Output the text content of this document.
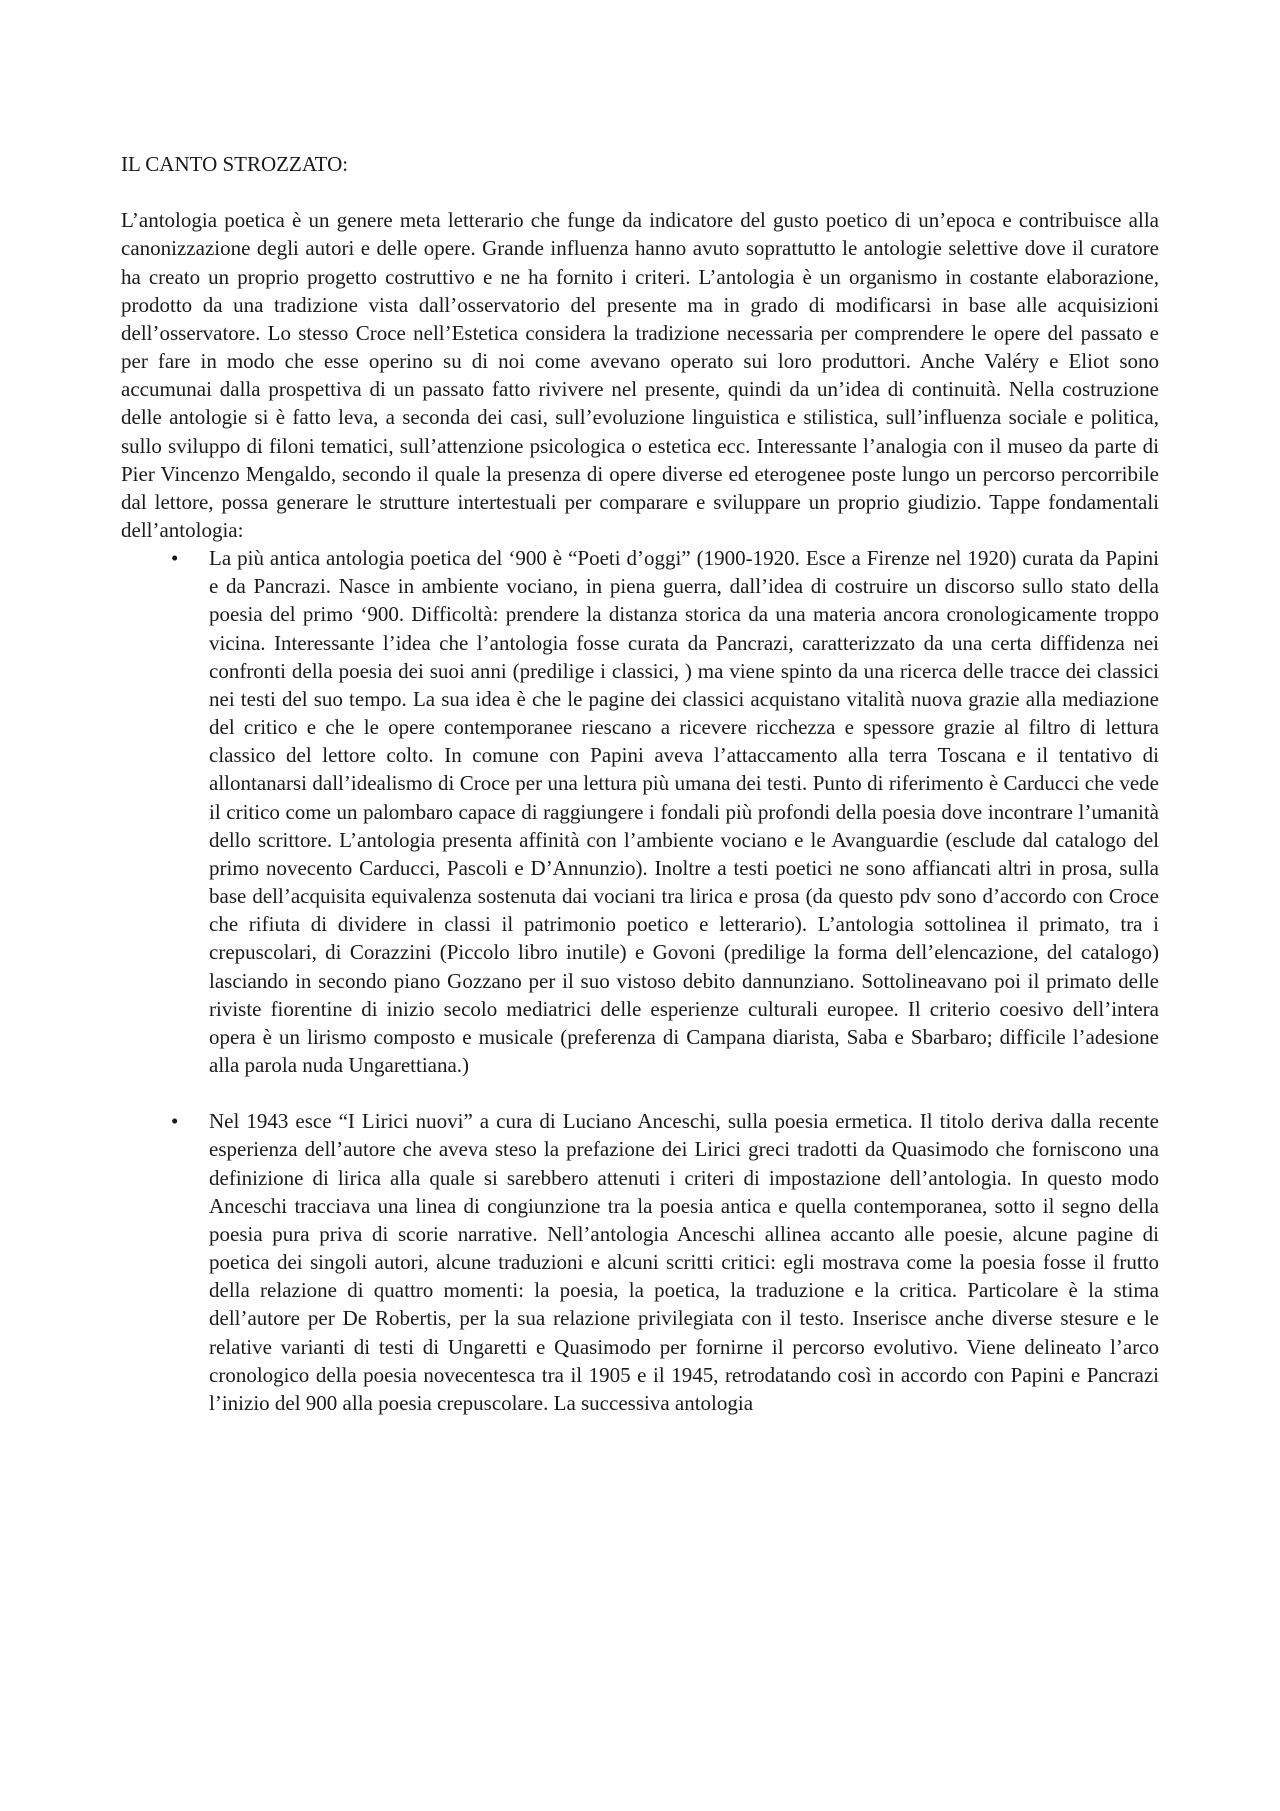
IL CANTO STROZZATO:

L’antologia poetica è un genere meta letterario che funge da indicatore del gusto poetico di un’epoca e contribuisce alla canonizzazione degli autori e delle opere. Grande influenza hanno avuto soprattutto le antologie selettive dove il curatore ha creato un proprio progetto costruttivo e ne ha fornito i criteri. L’antologia è un organismo in costante elaborazione, prodotto da una tradizione vista dall’osservatorio del presente ma in grado di modificarsi in base alle acquisizioni dell’osservatore. Lo stesso Croce nell’Estetica considera la tradizione necessaria per comprendere le opere del passato e per fare in modo che esse operino su di noi come avevano operato sui loro produttori. Anche Valéry e Eliot sono accumunai dalla prospettiva di un passato fatto rivivere nel presente, quindi da un’idea di continuità. Nella costruzione delle antologie si è fatto leva, a seconda dei casi, sull’evoluzione linguistica e stilistica, sull’influenza sociale e politica, sullo sviluppo di filoni tematici, sull’attenzione psicologica o estetica ecc. Interessante l’analogia con il museo da parte di Pier Vincenzo Mengaldo, secondo il quale la presenza di opere diverse ed eterogenee poste lungo un percorso percorribile dal lettore, possa generare le strutture intertestuali per comparare e sviluppare un proprio giudizio. Tappe fondamentali dell’antologia:

• La più antica antologia poetica del ‘900 è “Poeti d’oggi” (1900-1920. Esce a Firenze nel 1920) curata da Papini e da Pancrazi. Nasce in ambiente vociano, in piena guerra, dall’idea di costruire un discorso sullo stato della poesia del primo ‘900. Difficoltà: prendere la distanza storica da una materia ancora cronologicamente troppo vicina. Interessante l’idea che l’antologia fosse curata da Pancrazi, caratterizzato da una certa diffidenza nei confronti della poesia dei suoi anni (predilige i classici, ) ma viene spinto da una ricerca delle tracce dei classici nei testi del suo tempo. La sua idea è che le pagine dei classici acquistano vitalità nuova grazie alla mediazione del critico e che le opere contemporanee riescano a ricevere ricchezza e spessore grazie al filtro di lettura classico del lettore colto. In comune con Papini aveva l’attaccamento alla terra Toscana e il tentativo di allontanarsi dall’idealismo di Croce per una lettura più umana dei testi. Punto di riferimento è Carducci che vede il critico come un palombaro capace di raggiungere i fondali più profondi della poesia dove incontrare l’umanità dello scrittore. L’antologia presenta affinità con l’ambiente vociano e le Avanguardie (esclude dal catalogo del primo novecento Carducci, Pascoli e D’Annunzio). Inoltre a testi poetici ne sono affiancati altri in prosa, sulla base dell’acquisita equivalenza sostenuta dai vociani tra lirica e prosa (da questo pdv sono d’accordo con Croce che rifiuta di dividere in classi il patrimonio poetico e letterario). L’antologia sottolinea il primato, tra i crepuscolari, di Corazzini (Piccolo libro inutile) e Govoni (predilige la forma dell’elencazione, del catalogo) lasciando in secondo piano Gozzano per il suo vistoso debito dannunziano. Sottolineavano poi il primato delle riviste fiorentine di inizio secolo mediatrici delle esperienze culturali europee. Il criterio coesivo dell’intera opera è un lirismo composto e musicale (preferenza di Campana diarista, Saba e Sbarbaro; difficile l’adesione alla parola nuda Ungarettiana.)
• Nel 1943 esce “I Lirici nuovi” a cura di Luciano Anceschi, sulla poesia ermetica. Il titolo deriva dalla recente esperienza dell’autore che aveva steso la prefazione dei Lirici greci tradotti da Quasimodo che forniscono una definizione di lirica alla quale si sarebbero attenuti i criteri di impostazione dell’antologia. In questo modo Anceschi tracciava una linea di congiunzione tra la poesia antica e quella contemporanea, sotto il segno della poesia pura priva di scorie narrative. Nell’antologia Anceschi allinea accanto alle poesie, alcune pagine di poetica dei singoli autori, alcune traduzioni e alcuni scritti critici: egli mostrava come la poesia fosse il frutto della relazione di quattro momenti: la poesia, la poetica, la traduzione e la critica. Particolare è la stima dell’autore per De Robertis, per la sua relazione privilegiata con il testo. Inserisce anche diverse stesure e le relative varianti di testi di Ungaretti e Quasimodo per fornirne il percorso evolutivo. Viene delineato l’arco cronologico della poesia novecentesca tra il 1905 e il 1945, retrodatando così in accordo con Papini e Pancrazi l’inizio del 900 alla poesia crepuscolare. La successiva antologia
